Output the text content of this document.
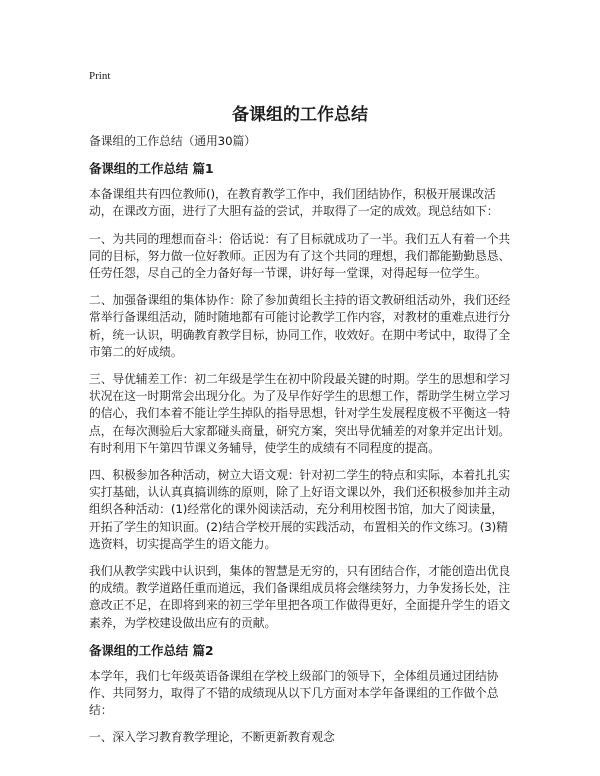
Print
备课组的工作总结

备课组的工作总结（通用30篇）

备课组的工作总结 篇1

本备课组共有四位教师()，在教育教学工作中，我们团结协作，积极开展课改活动，在课改方面，进行了大胆有益的尝试，并取得了一定的成效。现总结如下：

一、为共同的理想而奋斗：俗话说：有了目标就成功了一半。我们五人有着一个共同的目标，努力做一位好教师。正因为有了这个共同的理想，我们都能勤勤恳恳、任劳任怨，尽自己的全力备好每一节课，讲好每一堂课，对得起每一位学生。

二、加强备课组的集体协作：除了参加黄组长主持的语文教研组活动外，我们还经常举行备课组活动，随时随地都有可能讨论教学工作内容，对教材的重难点进行分析，统一认识，明确教育教学目标，协同工作，收效好。在期中考试中，取得了全市第二的好成绩。

三、导优辅差工作：初二年级是学生在初中阶段最关键的时期。学生的思想和学习状况在这一时期常会出现分化。为了及早作好学生的思想工作，帮助学生树立学习的信心，我们本着不能让学生掉队的指导思想，针对学生发展程度极不平衡这一特点，在每次测验后大家都碰头商量，研究方案，突出导优辅差的对象并定出计划。有时利用下午第四节课义务辅导，使学生的成绩有不同程度的提高。

四、积极参加各种活动，树立大语文观：针对初二学生的特点和实际，本着扎扎实实打基础，认认真真搞训练的原则，除了上好语文课以外，我们还积极参加并主动组织各种活动：(1)经常化的课外阅读活动，充分利用校图书馆，加大了阅读量，开拓了学生的知识面。(2)结合学校开展的实践活动，布置相关的作文练习。(3)精选资料，切实提高学生的语文能力。

我们从教学实践中认识到，集体的智慧是无穷的，只有团结合作，才能创造出优良的成绩。教学道路任重而道远，我们备课组成员将会继续努力，力争发扬长处，注意改正不足，在即将到来的初三学年里把各项工作做得更好，全面提升学生的语文素养，为学校建设做出应有的贡献。

备课组的工作总结 篇2

本学年，我们七年级英语备课组在学校上级部门的领导下，全体组员通过团结协作、共同努力，取得了不错的成绩现从以下几方面对本学年备课组的工作做个总结：

一、深入学习教育教学理论，不断更新教育观念
